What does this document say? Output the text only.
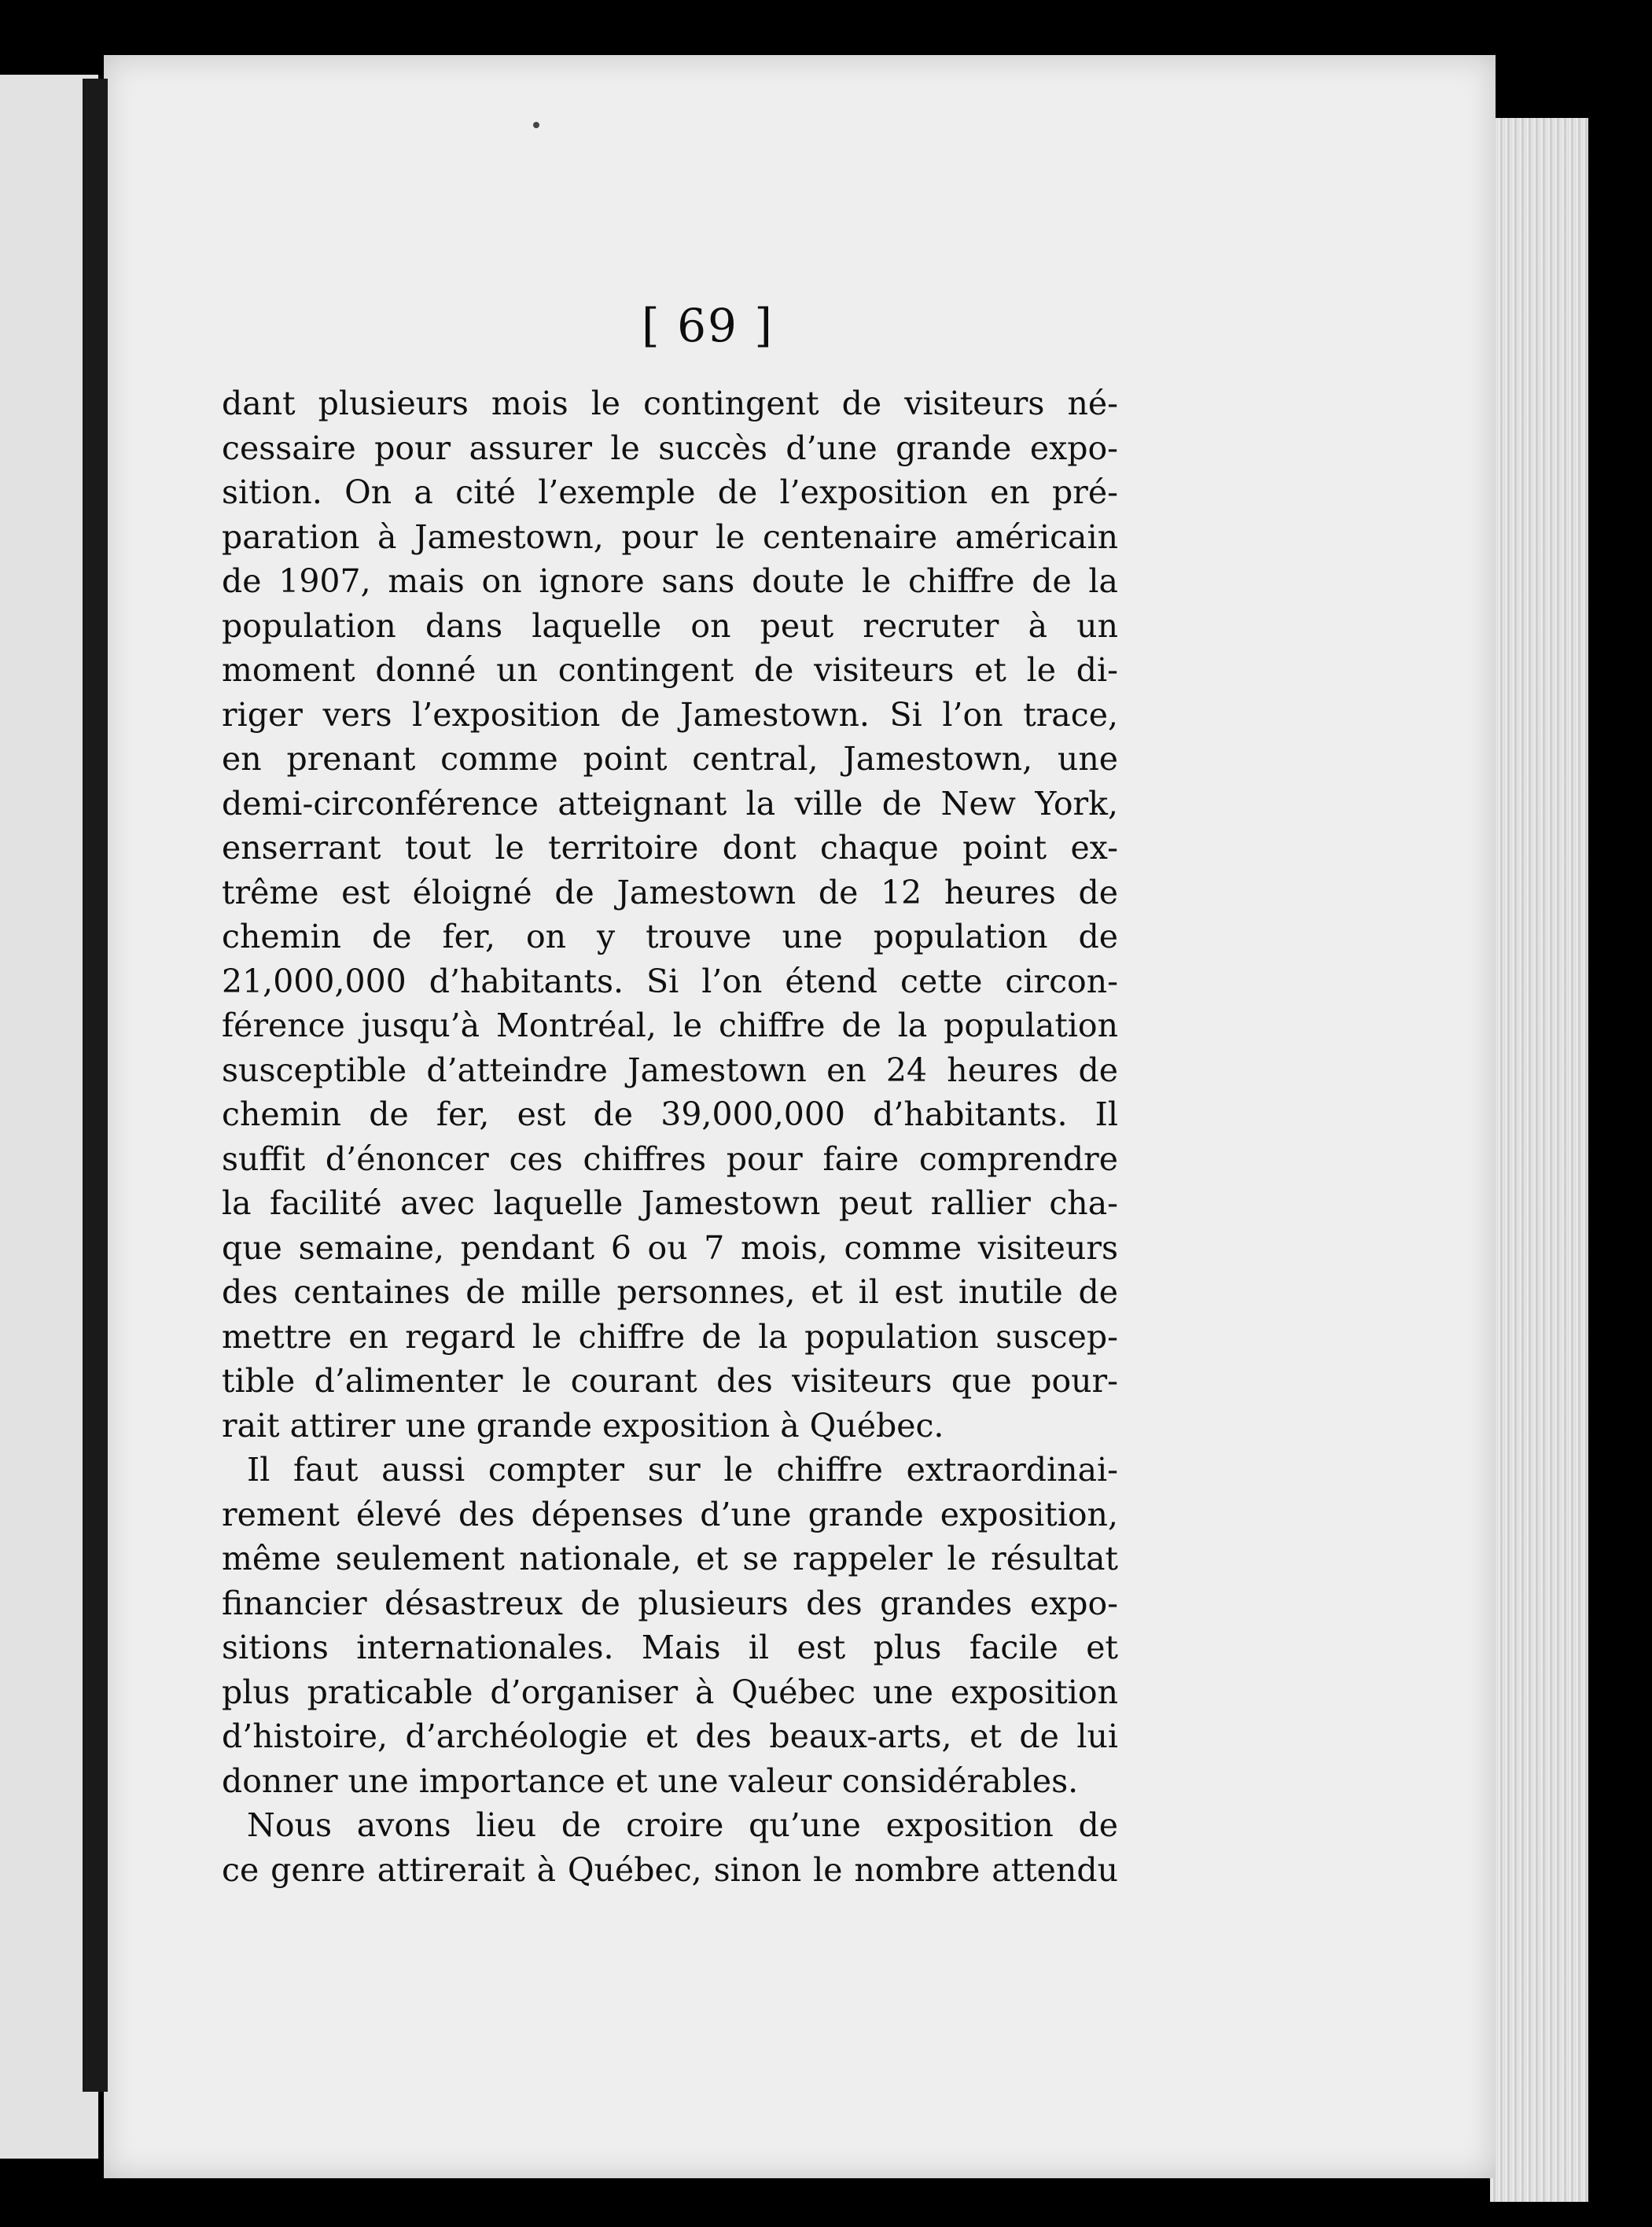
[ 69 ]

dant plusieurs mois le contingent de visiteurs né-
cessaire pour assurer le succès d’une grande expo-
sition. On a cité l’exemple de l’exposition en pré-
paration à Jamestown, pour le centenaire américain
de 1907, mais on ignore sans doute le chiffre de la
population dans laquelle on peut recruter à un
moment donné un contingent de visiteurs et le di-
riger vers l’exposition de Jamestown. Si l’on trace,
en prenant comme point central, Jamestown, une
demi-circonférence atteignant la ville de New York,
enserrant tout le territoire dont chaque point ex-
trême est éloigné de Jamestown de 12 heures de
chemin de fer, on y trouve une population de
21,000,000 d’habitants. Si l’on étend cette circon-
férence jusqu’à Montréal, le chiffre de la population
susceptible d’atteindre Jamestown en 24 heures de
chemin de fer, est de 39,000,000 d’habitants. Il
suffit d’énoncer ces chiffres pour faire comprendre
la facilité avec laquelle Jamestown peut rallier cha-
que semaine, pendant 6 ou 7 mois, comme visiteurs
des centaines de mille personnes, et il est inutile de
mettre en regard le chiffre de la population suscep-
tible d’alimenter le courant des visiteurs que pour-
rait attirer une grande exposition à Québec.
Il faut aussi compter sur le chiffre extraordinai-
rement élevé des dépenses d’une grande exposition,
même seulement nationale, et se rappeler le résultat
financier désastreux de plusieurs des grandes expo-
sitions internationales. Mais il est plus facile et
plus praticable d’organiser à Québec une exposition
d’histoire, d’archéologie et des beaux-arts, et de lui
donner une importance et une valeur considérables.
Nous avons lieu de croire qu’une exposition de
ce genre attirerait à Québec, sinon le nombre attendu
